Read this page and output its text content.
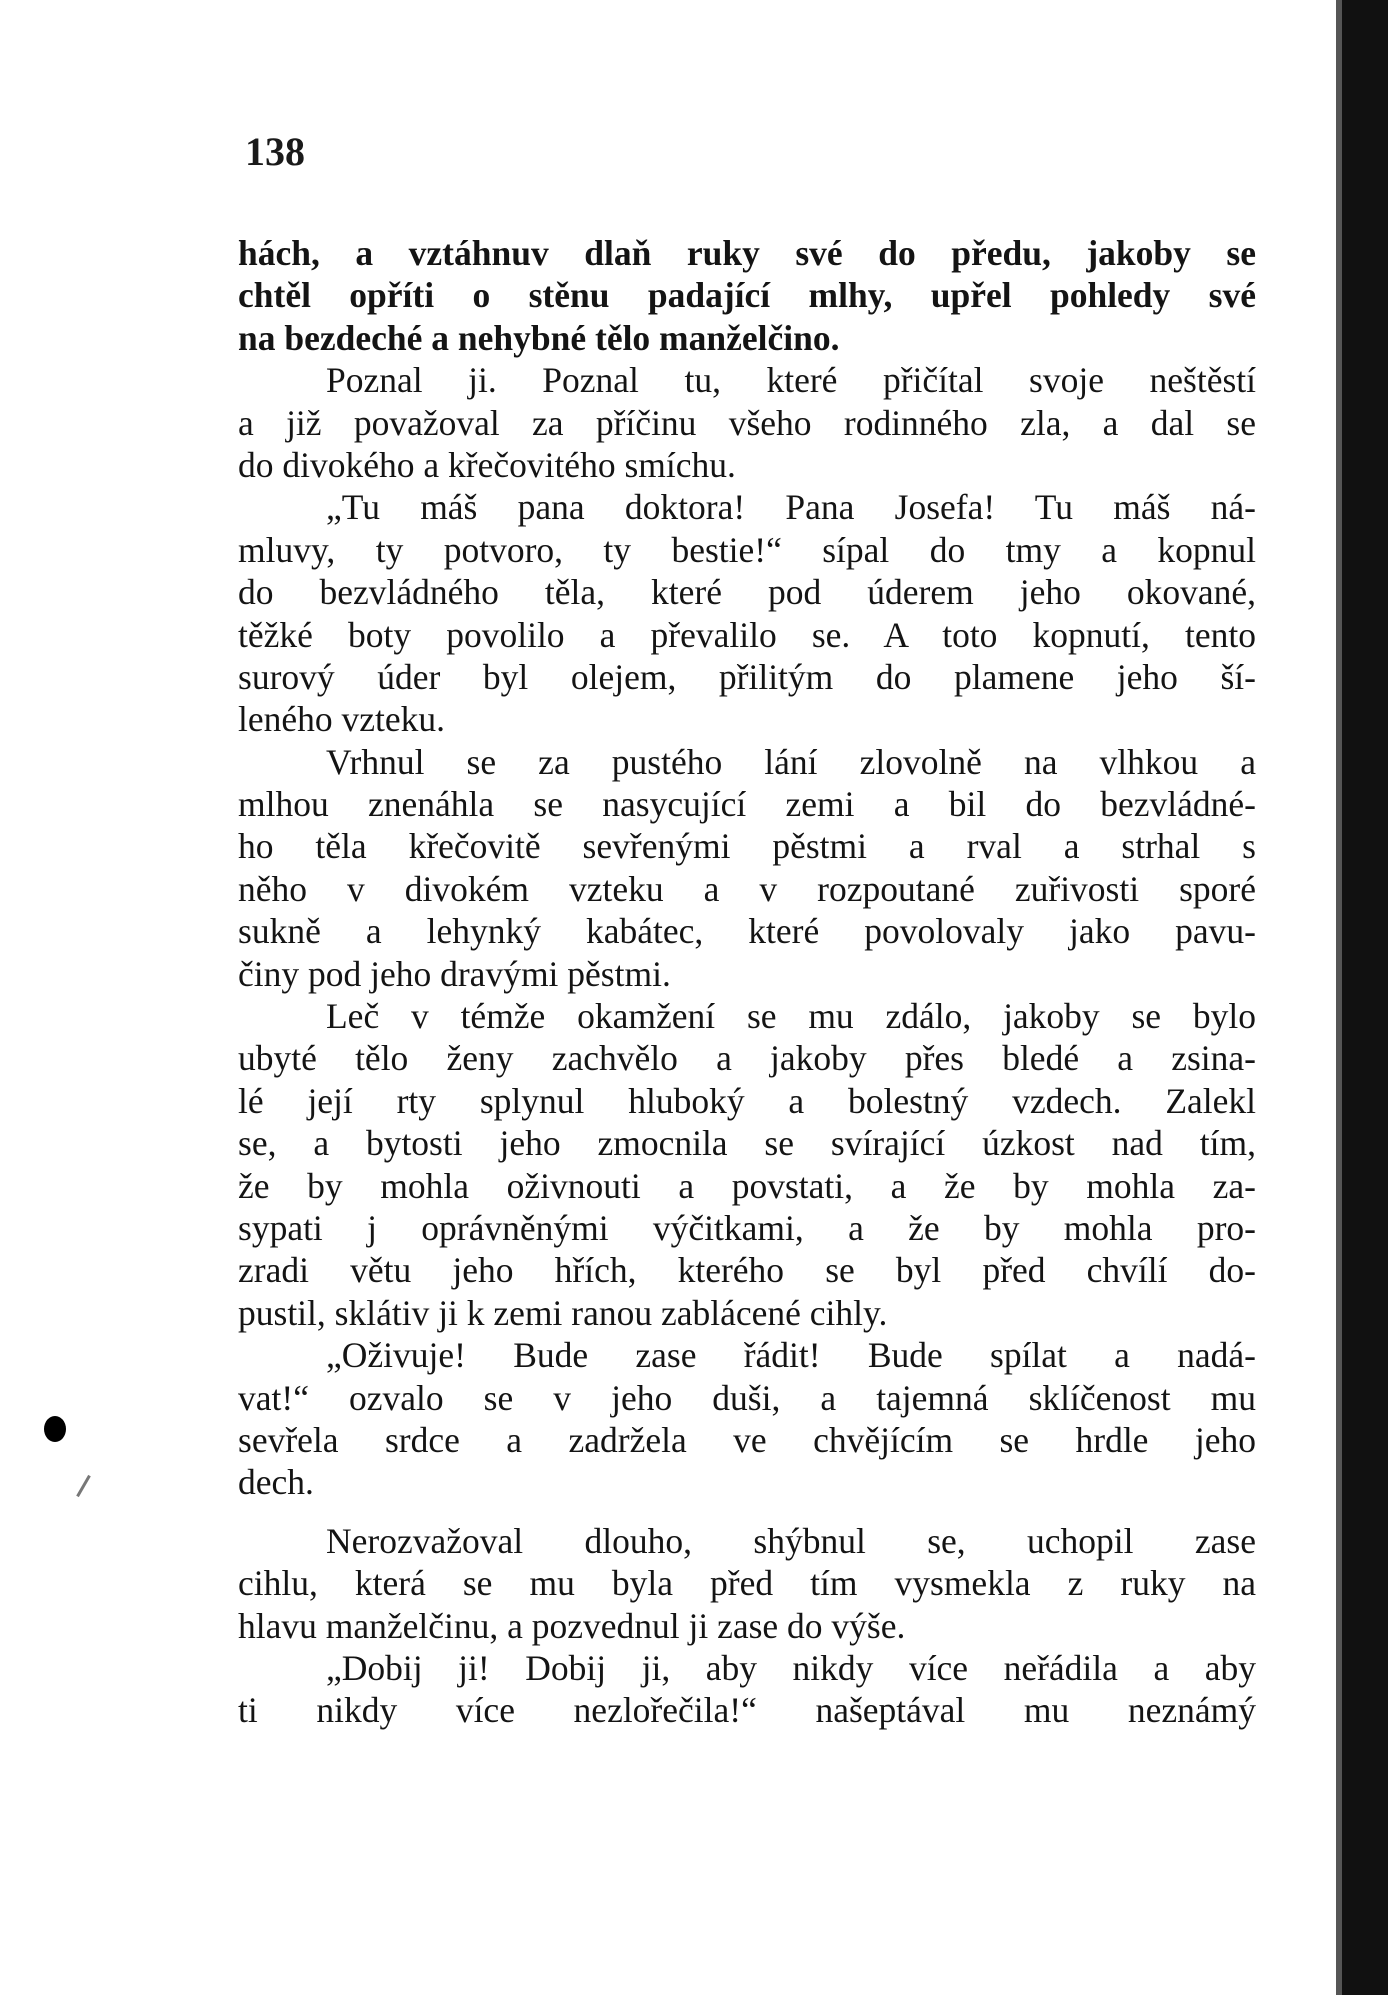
138
hách, a vztáhnuv dlaň ruky své do předu, jakoby se
chtěl opříti o stěnu padající mlhy, upřel pohledy své
na bezdeché a nehybné tělo manželčino.
Poznal ji. Poznal tu, které přičítal svoje neštěstí
a již považoval za příčinu všeho rodinného zla, a dal se
do divokého a křečovitého smíchu.
„Tu máš pana doktora! Pana Josefa! Tu máš ná-
mluvy, ty potvoro, ty bestie!“ sípal do tmy a kopnul
do bezvládného těla, které pod úderem jeho okované,
těžké boty povolilo a převalilo se. A toto kopnutí, tento
surový úder byl olejem, přilitým do plamene jeho ší-
leného vzteku.
Vrhnul se za pustého lání zlovolně na vlhkou a
mlhou znenáhla se nasycující zemi a bil do bezvládné-
ho těla křečovitě sevřenými pěstmi a rval a strhal s
něho v divokém vzteku a v rozpoutané zuřivosti sporé
sukně a lehynký kabátec, které povolovaly jako pavu-
činy pod jeho dravými pěstmi.
Leč v témže okamžení se mu zdálo, jakoby se bylo
ubyté tělo ženy zachvělo a jakoby přes bledé a zsina-
lé její rty splynul hluboký a bolestný vzdech. Zalekl
se, a bytosti jeho zmocnila se svírající úzkost nad tím,
že by mohla oživnouti a povstati, a že by mohla za-
sypati j oprávněnými výčitkami, a že by mohla pro-
zradi větu jeho hřích, kterého se byl před chvílí do-
pustil, sklátiv ji k zemi ranou zablácené cihly.
„Oživuje! Bude zase řádit! Bude spílat a nadá-
vat!“ ozvalo se v jeho duši, a tajemná sklíčenost mu
sevřela srdce a zadržela ve chvějícím se hrdle jeho
dech.
Nerozvažoval dlouho, shýbnul se, uchopil zase
cihlu, která se mu byla před tím vysmekla z ruky na
hlavu manželčinu, a pozvednul ji zase do výše.
„Dobij ji! Dobij ji, aby nikdy více neřádila a aby
ti nikdy více nezlořečila!“ našeptával mu neznámý
